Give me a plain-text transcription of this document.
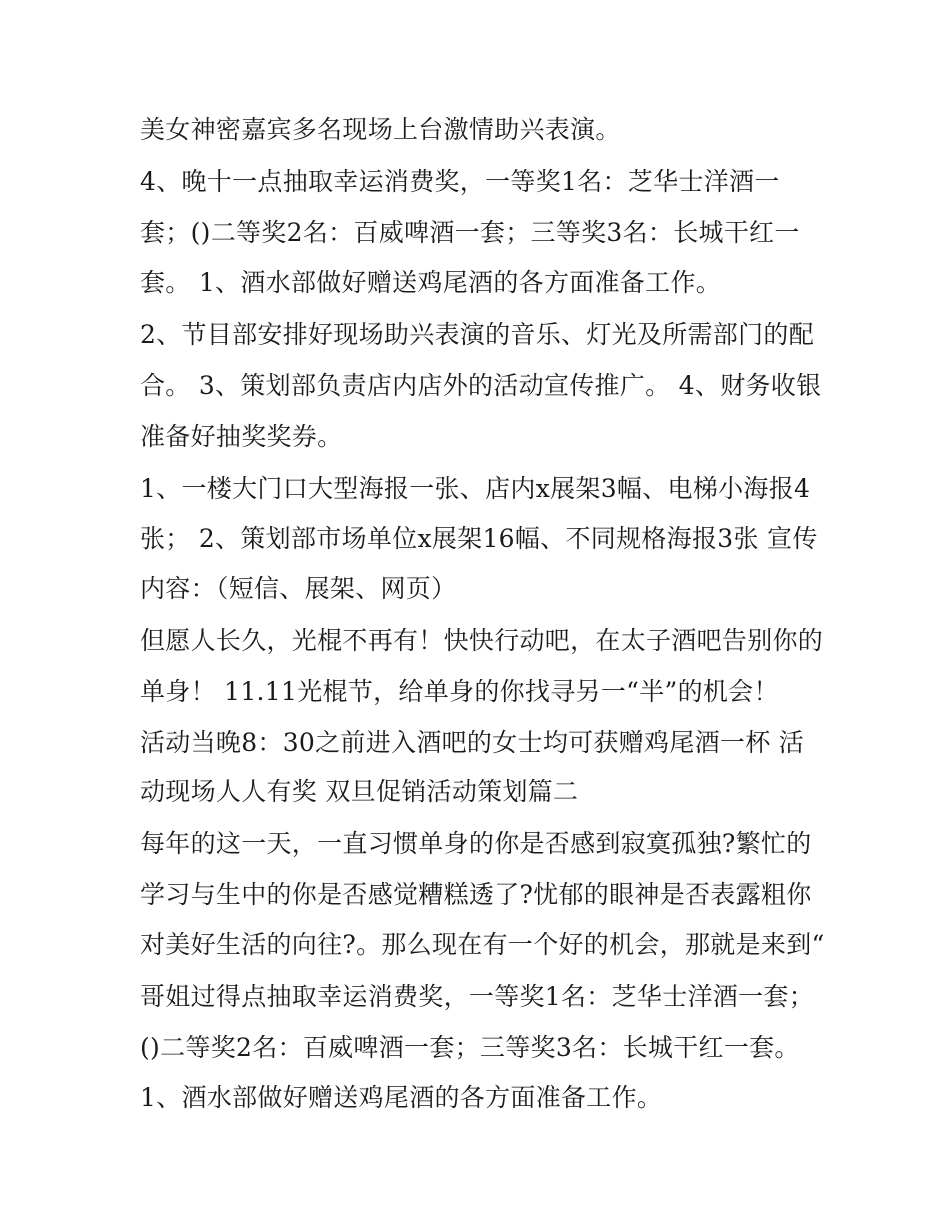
美女神密嘉宾多名现场上台激情助兴表演。
4、晚十一点抽取幸运消费奖，一等奖1名：芝华士洋酒一
套；()二等奖2名：百威啤酒一套；三等奖3名：长城干红一
套。 1、酒水部做好赠送鸡尾酒的各方面准备工作。
2、节目部安排好现场助兴表演的音乐、灯光及所需部门的配
合。 3、策划部负责店内店外的活动宣传推广。 4、财务收银
准备好抽奖奖券。
1、一楼大门口大型海报一张、店内x展架3幅、电梯小海报4
张； 2、策划部市场单位x展架16幅、不同规格海报3张 宣传
内容：（短信、展架、网页）
但愿人长久，光棍不再有！快快行动吧，在太子酒吧告别你的
单身！ 11.11光棍节，给单身的你找寻另一“半”的机会！
活动当晚8：30之前进入酒吧的女士均可获赠鸡尾酒一杯 活
动现场人人有奖 双旦促销活动策划篇二
每年的这一天，一直习惯单身的你是否感到寂寞孤独?繁忙的
学习与生中的你是否感觉糟糕透了?忧郁的眼神是否表露粗你
对美好生活的向往?。那么现在有一个好的机会，那就是来到“
哥姐过得点抽取幸运消费奖，一等奖1名：芝华士洋酒一套；
()二等奖2名：百威啤酒一套；三等奖3名：长城干红一套。
1、酒水部做好赠送鸡尾酒的各方面准备工作。
